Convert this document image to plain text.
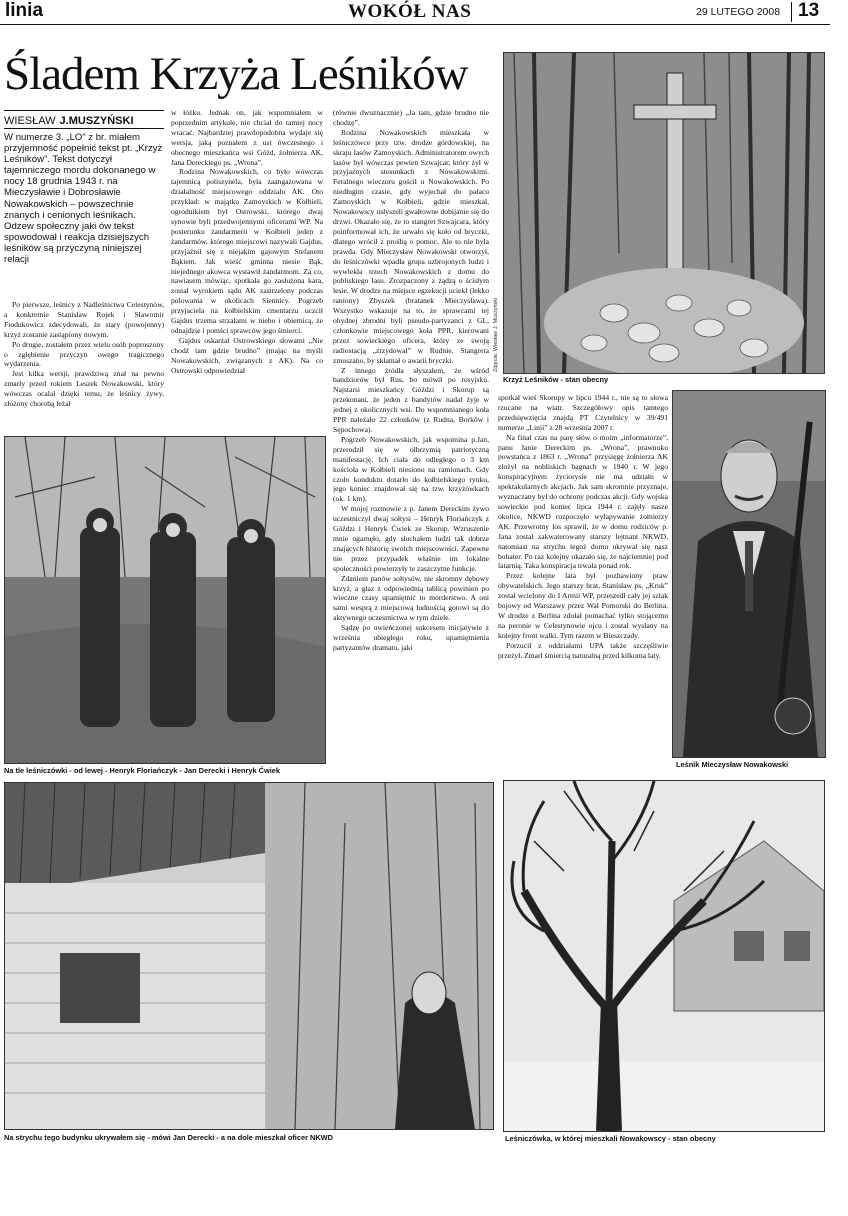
linia	WOKÓŁ NAS	29 LUTEGO 2008 13
Śladem Krzyża Leśników
WIESŁAW J.MUSZYŃSKI
W numerze 3. „LO” z br. miałem przyjemność popełnić tekst pt. „Krzyż Leśników”. Tekst dotyczył tajemniczego mordu dokonanego w nocy 18 grudnia 1943 r. na Mieczysławie i Dobrosławie Nowakowskich – powszechnie znanych i cenionych leśnikach. Odzew społeczny jaki ów tekst spowodował i reakcja dzisiejszych leśników są przyczyną niniejszej relacji

Po pierwsze, leśnicy z Nadleśnictwa Celestynów, a konkretnie Stanisław Rojek i Sławomir Fiodukowicz zdecydowali, że stary (powojenny) krzyż zostanie zastąpiony nowym.

Po drugie, zostałem przez wielu osób poproszony o zgłębienie przyczyn owego tragicznego wydarzenia.

Jest kilka wersji, prawdziwą znał na pewno zmarły przed rokiem Leszek Nowakowski, który wówczas ocalał dzięki temu, że leśnicy żywy, złożony chorobą leżał

w łóżku. Jednak on, jak wspomniałem w poprzednim artykule, nie chciał do tamtej nocy wracać. Najbardziej prawdopodobna wydaje się wersja, jaką poznałem z ust ówczesnego i obecnego mieszkańca wsi Góźd, żołnierza AK, Jana Dereckiego ps. „Wrona”.

Rodzina Nowakowskich, co było wówczas tajemnicą poliszynela, była zaangażowana w działalność miejscowego oddziału AK. Oto przykład: w majątku Zamoyskich w Kołbieli, ogrodnikiem był Ostrowski, którego dwaj synowie byli przedwojennymi oficerami WP. Na posterunku żandarmerii w Kołbieli jeden z żandarmów, którego miejscowi nazywali Gajdus, przyjaźnił się z niejakim gajowym Stefanem Bąkiem. Jak wieść gminna niesie Bąk, niejednego akowca wystawił żandarmom. Za co, nawiasem mówiąc, spotkała go zasłużona kara, został wyrokiem sądu AK zastrzelony podczas polowania w okolicach Siennicy. Pogrzeb przyjaciela na kołbielskim cmentarzu uczcił Gajdus trzema strzałami w niebo i obietnicą, że odnajdzie i pomści sprawców jego śmierci.

Gajdus oskarżał Ostrowskiego słowami „Nie chodź tam gdzie brudno” (mając na myśli Nowakowskich, związanych z AK). Na co Ostrowski odpowiedział

(równie dwuznacznie) „Ja tam, gdzie brudno nie chodzę”.

Rodzina Nowakowskich mieszkała w leśniczówce przy tzw. drodze górdowskiej, na skraju lasów Zamoyskich. Administratorem owych lasów był wówczas pewien Szwajcar, który żył w przyjaznych stosunkach z Nowakowskimi. Feralnego wieczoru gościł u Nowakowskich. Po niedługim czasie, gdy wyjechał do pałacu Zamoyskich w Kołbieli, gdzie mieszkał, Nowakowscy usłyszeli gwałtowne dobijanie się do drzwi. Okazało się, że to stangret Szwajcara, który poinformował ich, że urwało się koło od bryczki, dlatego wrócił z prośbą o pomoc. Ale to nie była prawda. Gdy Mieczysław Nowakowski otworzył, do leśniczówki wpadła grupa uzbrojonych ludzi i wywlekła trzech Nowakowskich z domu do pobliskiego lasu. Zrozpaczony z żądzą o ścisłym lesie. W drodze na miejsce egzekucji uciekł (lekko raniony) Zbyszek (bratanek Mieczysława). Wszystko wskazuje na to, że sprawcami tej ohydnej zbrodni byli pseudo-partyzanci z GL, członkowie miejscowego koła PPR, kierowani przez sowieckiego oficera, który ze swoją radiostacją „zrzydował” w Rudnie. Stangreta zmuszano, by skłamał o awarii bryczki.

Z innego źródła słyszałem, że wśród bandziorów był Rus, bo mówił po rosyjsku. Najstarsi mieszkańcy Góździ i Skorup są przekonani, że jeden z bandytów nadal żyje w jednej z okolicznych wsi. Do wspomnianego koła PPR należało 22 członków (z Rudna, Borków i Sępochowa).

Pogrzeb Nowakowskich, jak wspomina p.Jan, przerodził się w olbrzymią patriotyczną manifestację. Ich ciała do odległego o 3 km kościoła w Kołbieli niesiono na ramionach. Gdy czoło konduktu dotarło do kołbielskiego rynku, jego koniec znajdował się na tzw. krzyżówkach (ok. 1 km).

W mojej rozmowie z p. Janem Dereckim żywo uczestniczył dwaj sołtysi – Henryk Floriańczyk z Góździ i Henryk Ćwiek ze Skorup. Wzruszenie mnie ogarnęło, gdy słuchałem ludzi tak dobrze znających historię swoich miejscowości. Zapewne nie przez przypadek właśnie im lokalne społeczności powierzyły te zaszczytne funkcje.

Zdaniem panów sołtysów, nie skromny dębowy krzyż, a głaz z odpowiednią tablicą powinien po wieczne czasy upamiętnić to morderstwo. A oni sami wesprą z miejscową ludnością gotowi są do aktywnego uczestnictwa w tym dziele.

Sądzę po uwieńczonej sukcesem inicjatywie z września ubiegłego roku, upamiętnienia partyzantów dramatu, jaki

Na tle leśniczówki - od lewej - Henryk Floriańczyk - Jan Derecki i Henryk Ćwiek
Zdjęcia: Wiesław J. Muszyński
Krzyż Leśników - stan obecny

spotkał wieś Skorupy w lipcu 1944 r., nie są to słowa rzucane na wiatr. Szczegółowy opis tamtego przedsięwzięcia znajdą PT Czytelnicy w 39/491 numerze „Linii” z 28 września 2007 r.

Na finał czas na parę słów o moim „informatorze”, panu Janie Dereckim ps. „Wrona”, prawnuku powstańca z 1863 r. „Wrona” przysięgę żołnierza AK złożył na nobliskich bagnach w 1940 r. W jego konspiracyjnym życiorysie nie ma udziału w spektakularnych akcjach. Jak sam skromnie przyznaje, wyznaczany był do ochrony podczas akcji. Gdy wojska sowieckie pod koniec lipca 1944 r. zajęły nasze okolice, NKWD rozpoczęło wyłapywanie żołnierzy AK. Przewrotny los sprawił, że w domu rodziców p. Jana został zakwaterowany starszy lejtnant NKWD, natomiast na strychu tegoż domu ukrywał się nasz bohater. Po raz kolejny okazało się, że najciemniej pod latarnią. Taka konspiracja trwała ponad rok.

Przez kolejne lata był pozbawiony praw obywatelskich. Jego starszy brat, Stanisław ps. „Kruk” został wcielony do I Armii WP, przeszedł cały jej szlak bojowy od Warszawy przez Wał Pomorski do Berlina. W drodze z Berlina zdołał pomachać tylko stojącemu na peronie w Celestynowie ojcu i został wysłany na kolejny front walki. Tym razem w Bieszczady.

Porzucił z oddziałami UPA także szczęśliwie przeżył. Zmarł śmiercią naturalną przed kilkoma laty.

Leśnik Mieczysław Nowakowski
Na strychu tego budynku ukrywałem się - mówi Jan Derecki - a na dole mieszkał oficer NKWD	Leśniczówka, w której mieszkali Nowakowscy - stan obecny
